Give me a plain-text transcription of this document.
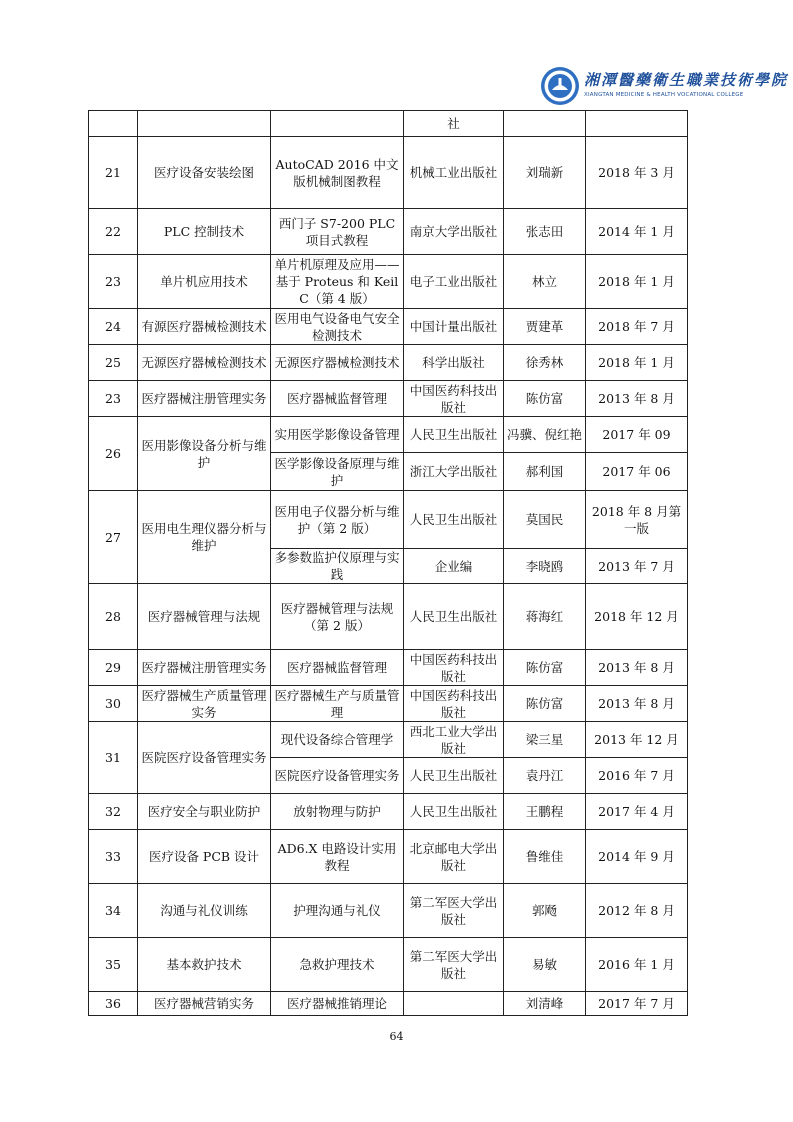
湘潭醫藥衛生職業技術學院
XIANGTAN MEDICINE & HEALTH VOCATIONAL COLLEGE
			社		
21	医疗设备安装绘图	AutoCAD 2016 中文版机械制图教程	机械工业出版社	刘瑞新	2018 年 3 月
22	PLC 控制技术	西门子 S7-200 PLC 项目式教程	南京大学出版社	张志田	2014 年 1 月
23	单片机应用技术	单片机原理及应用——基于 Proteus 和 Keil C（第 4 版）	电子工业出版社	林立	2018 年 1 月
24	有源医疗器械检测技术	医用电气设备电气安全检测技术	中国计量出版社	贾建革	2018 年 7 月
25	无源医疗器械检测技术	无源医疗器械检测技术	科学出版社	徐秀林	2018 年 1 月
23	医疗器械注册管理实务	医疗器械监督管理	中国医药科技出版社	陈仿富	2013 年 8 月
26	医用影像设备分析与维护	实用医学影像设备管理	人民卫生出版社	冯骥、倪红艳	2017 年 09
		医学影像设备原理与维护	浙江大学出版社	郝利国	2017 年 06
27	医用电生理仪器分析与维护	医用电子仪器分析与维护（第 2 版）	人民卫生出版社	莫国民	2018 年 8 月第一版
		多参数监护仪原理与实践	企业编	李晓鸥	2013 年 7 月
28	医疗器械管理与法规	医疗器械管理与法规（第 2 版）	人民卫生出版社	蒋海红	2018 年 12 月
29	医疗器械注册管理实务	医疗器械监督管理	中国医药科技出版社	陈仿富	2013 年 8 月
30	医疗器械生产质量管理实务	医疗器械生产与质量管理	中国医药科技出版社	陈仿富	2013 年 8 月
31	医院医疗设备管理实务	现代设备综合管理学	西北工业大学出版社	梁三星	2013 年 12 月
		医院医疗设备管理实务	人民卫生出版社	袁丹江	2016 年 7 月
32	医疗安全与职业防护	放射物理与防护	人民卫生出版社	王鹏程	2017 年 4 月
33	医疗设备 PCB 设计	AD6.X 电路设计实用教程	北京邮电大学出版社	鲁维佳	2014 年 9 月
34	沟通与礼仪训练	护理沟通与礼仪	第二军医大学出版社	郭飏	2012 年 8 月
35	基本救护技术	急救护理技术	第二军医大学出版社	易敏	2016 年 1 月
36	医疗器械营销实务	医疗器械推销理论		刘清峰	2017 年 7 月
64
